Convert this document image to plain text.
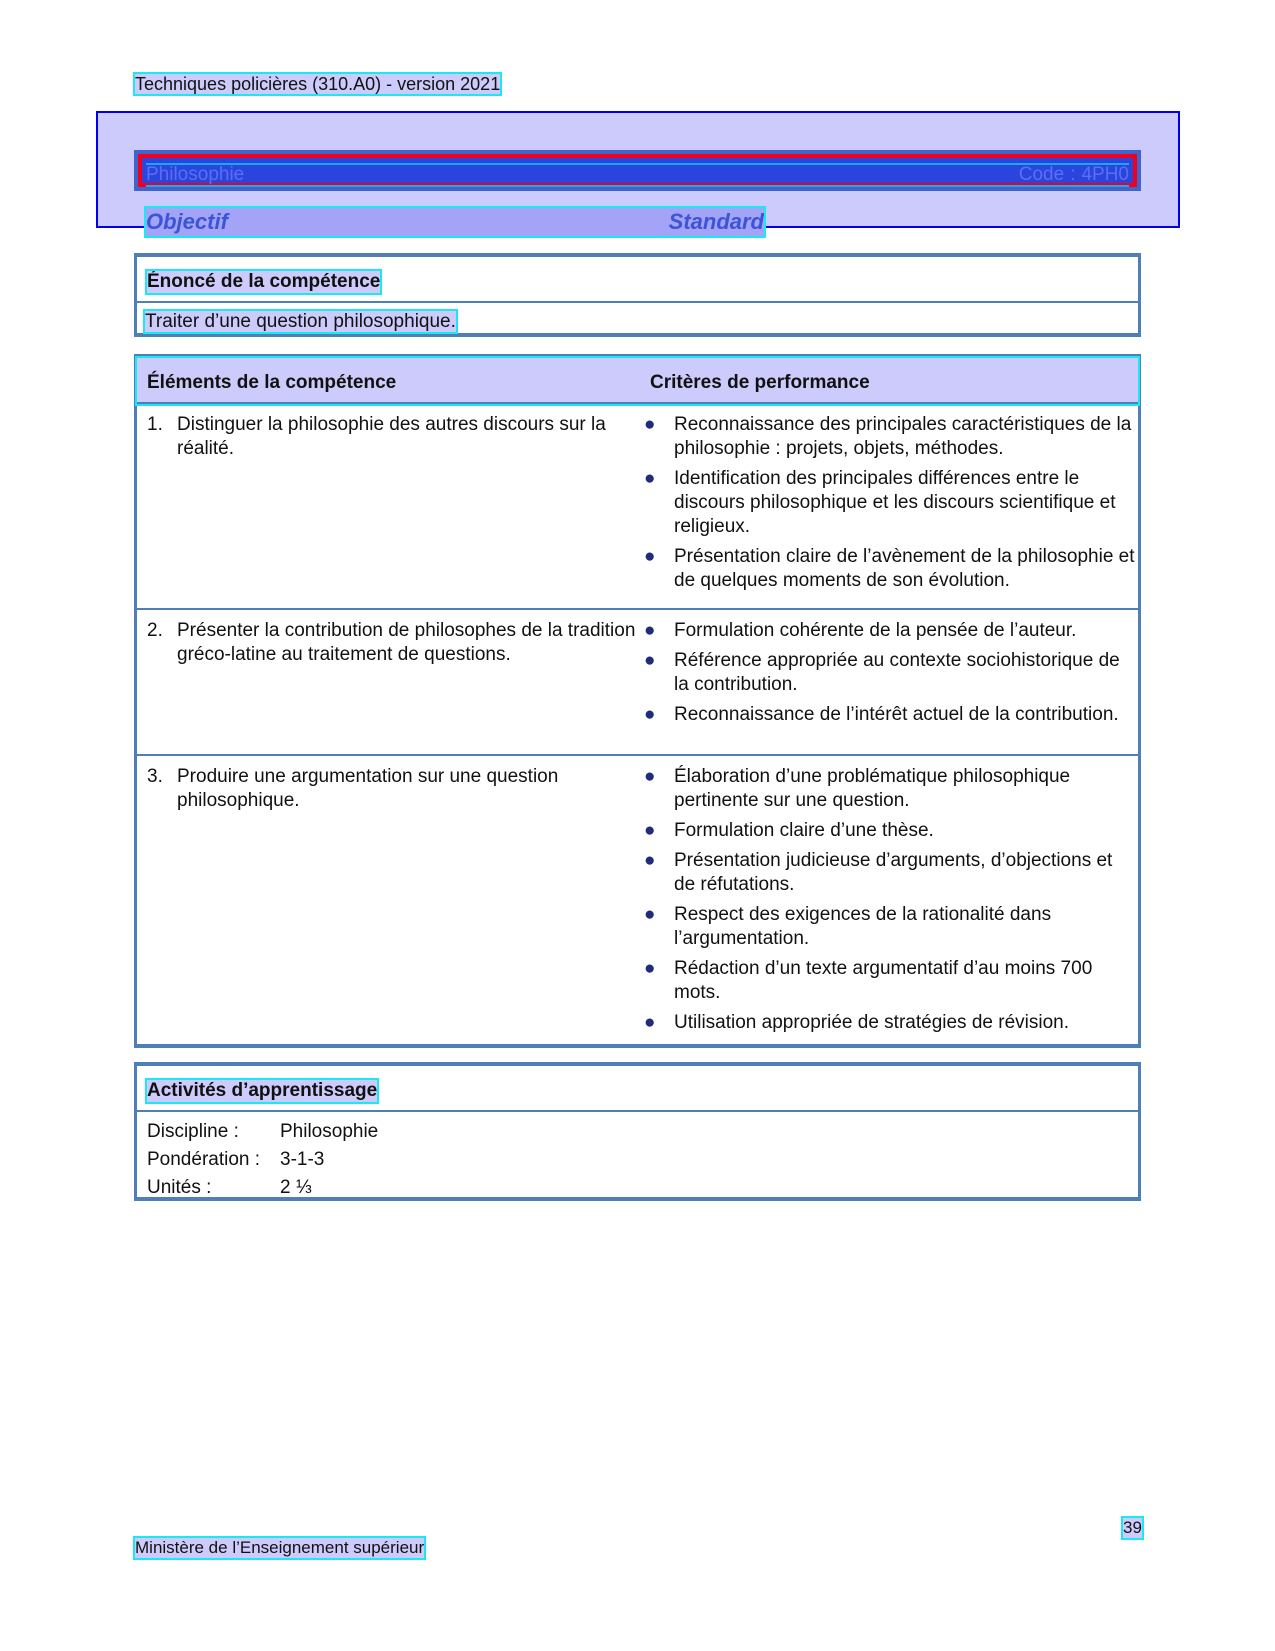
Techniques policières (310.A0) - version 2021
Philosophie	Code : 4PH0
Objectif	Standard
Énoncé de la compétence
Traiter d’une question philosophique.
Éléments de la compétence	Critères de performance
1. Distinguer la philosophie des autres discours sur la réalité.
● Reconnaissance des principales caractéristiques de la philosophie : projets, objets, méthodes.
● Identification des principales différences entre le discours philosophique et les discours scientifique et religieux.
● Présentation claire de l’avènement de la philosophie et de quelques moments de son évolution.
2. Présenter la contribution de philosophes de la tradition gréco-latine au traitement de questions.
● Formulation cohérente de la pensée de l’auteur.
● Référence appropriée au contexte sociohistorique de la contribution.
● Reconnaissance de l’intérêt actuel de la contribution.
3. Produire une argumentation sur une question philosophique.
● Élaboration d’une problématique philosophique pertinente sur une question.
● Formulation claire d’une thèse.
● Présentation judicieuse d’arguments, d’objections et de réfutations.
● Respect des exigences de la rationalité dans l’argumentation.
● Rédaction d’un texte argumentatif d’au moins 700 mots.
● Utilisation appropriée de stratégies de révision.
Activités d’apprentissage
Discipline :	Philosophie
Pondération :	3-1-3
Unités :	2 ⅓
39
Ministère de l’Enseignement supérieur
